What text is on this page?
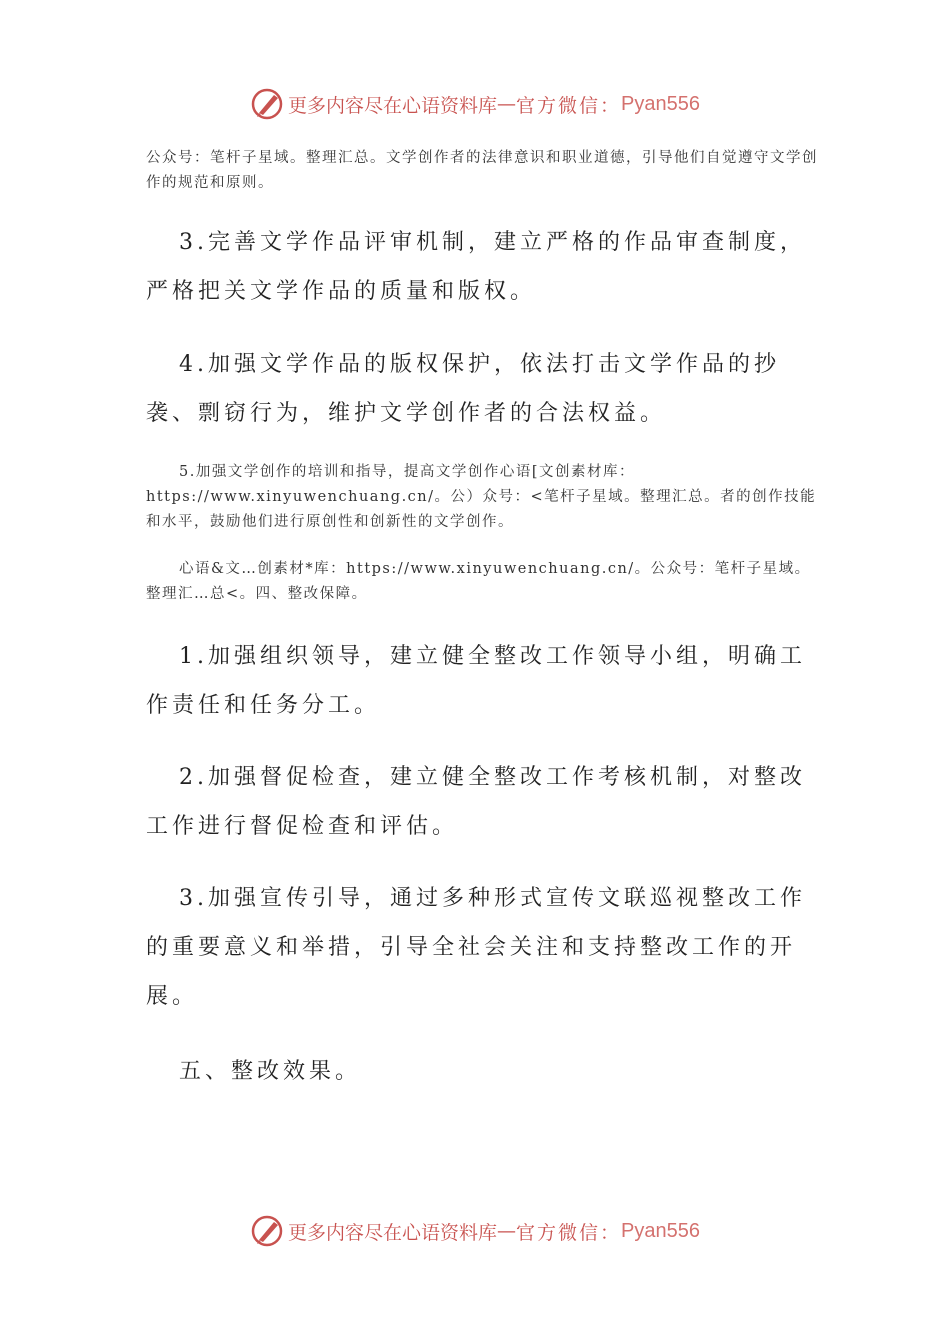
更多内容尽在心语资料库 — 官方微信： Pyan556
公众号：笔杆子星域。整理汇总。文学创作者的法律意识和职业道德，引导他们自觉遵守文学创作的规范和原则。
3.完善文学作品评审机制，建立严格的作品审查制度，严格把关文学作品的质量和版权。
4.加强文学作品的版权保护，依法打击文学作品的抄袭、剽窃行为，维护文学创作者的合法权益。
5.加强文学创作的培训和指导，提高文学创作心语[文创素材库：https://www.xinyuwenchuang.cn/。公）众号：<笔杆子星域。整理汇总。者的创作技能和水平，鼓励他们进行原创性和创新性的文学创作。
心语&文…创素材*库：https://www.xinyuwenchuang.cn/。公众号：笔杆子星域。整理汇…总<。四、整改保障。
1.加强组织领导，建立健全整改工作领导小组，明确工作责任和任务分工。
2.加强督促检查，建立健全整改工作考核机制，对整改工作进行督促检查和评估。
3.加强宣传引导，通过多种形式宣传文联巡视整改工作的重要意义和举措，引导全社会关注和支持整改工作的开展。
五、整改效果。
更多内容尽在心语资料库 — 官方微信： Pyan556
